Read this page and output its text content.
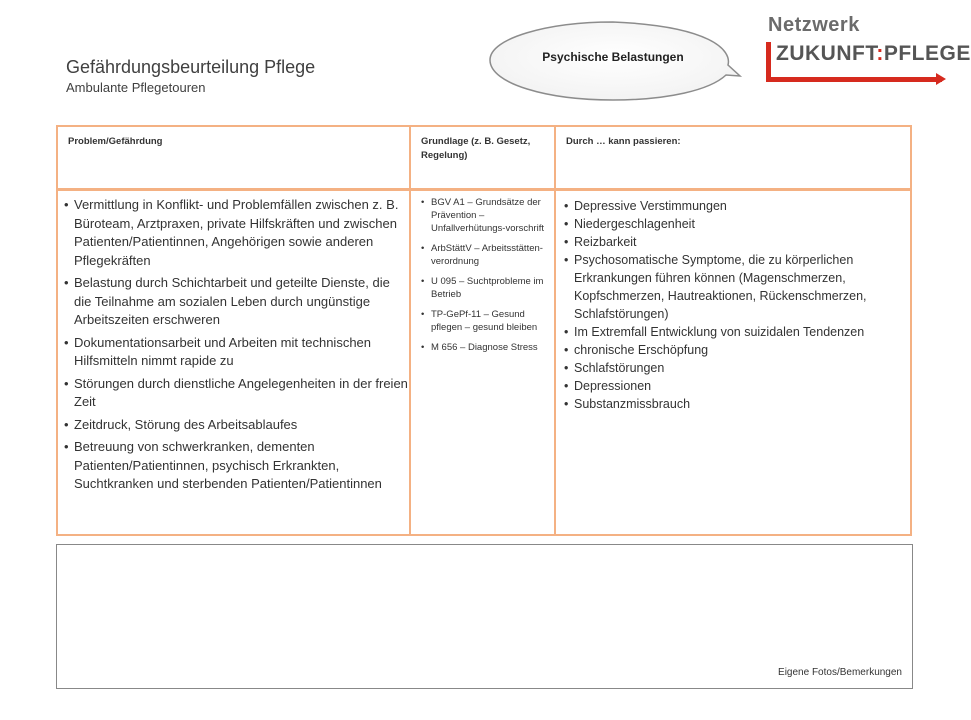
Gefährdungsbeurteilung Pflege
Ambulante Pflegetouren
Psychische Belastungen
Netzwerk
ZUKUNFT:PFLEGE
Problem/Gefährdung	Grundlage (z. B. Gesetz, Regelung)
Durch … kann passieren:
• Vermittlung in Konflikt- und Problemfällen zwischen z. B. Büroteam, Arztpraxen, private Hilfskräften und zwischen Patienten/Patientinnen, Angehörigen sowie anderen Pflegekräften
• Belastung durch Schichtarbeit und geteilte Dienste, die die Teilnahme am sozialen Leben durch ungünstige Arbeitszeiten erschweren
• Dokumentationsarbeit und Arbeiten mit technischen Hilfsmitteln nimmt rapide zu
• Störungen durch dienstliche Angelegenheiten in der freien Zeit
• Zeitdruck, Störung des Arbeitsablaufes
• Betreuung von schwerkranken, dementen Patienten/Patientinnen, psychisch Erkrankten, Suchtkranken und sterbenden Patienten/Patientinnen
• BGV A1 – Grundsätze der Prävention – Unfallverhütungs-vorschrift
• ArbStättV – Arbeitsstätten-verordnung
• U 095 – Suchtprobleme im Betrieb
• TP-GePf-11 – Gesund pflegen – gesund bleiben
• M 656 – Diagnose Stress
• Depressive Verstimmungen
• Niedergeschlagenheit
• Reizbarkeit
• Psychosomatische Symptome, die zu körperlichen Erkrankungen führen können (Magenschmerzen, Kopfschmerzen, Hautreaktionen, Rückenschmerzen, Schlafstörungen)
• Im Extremfall Entwicklung von suizidalen Tendenzen
• chronische Erschöpfung
• Schlafstörungen
• Depressionen
• Substanzmissbrauch
Eigene Fotos/Bemerkungen
